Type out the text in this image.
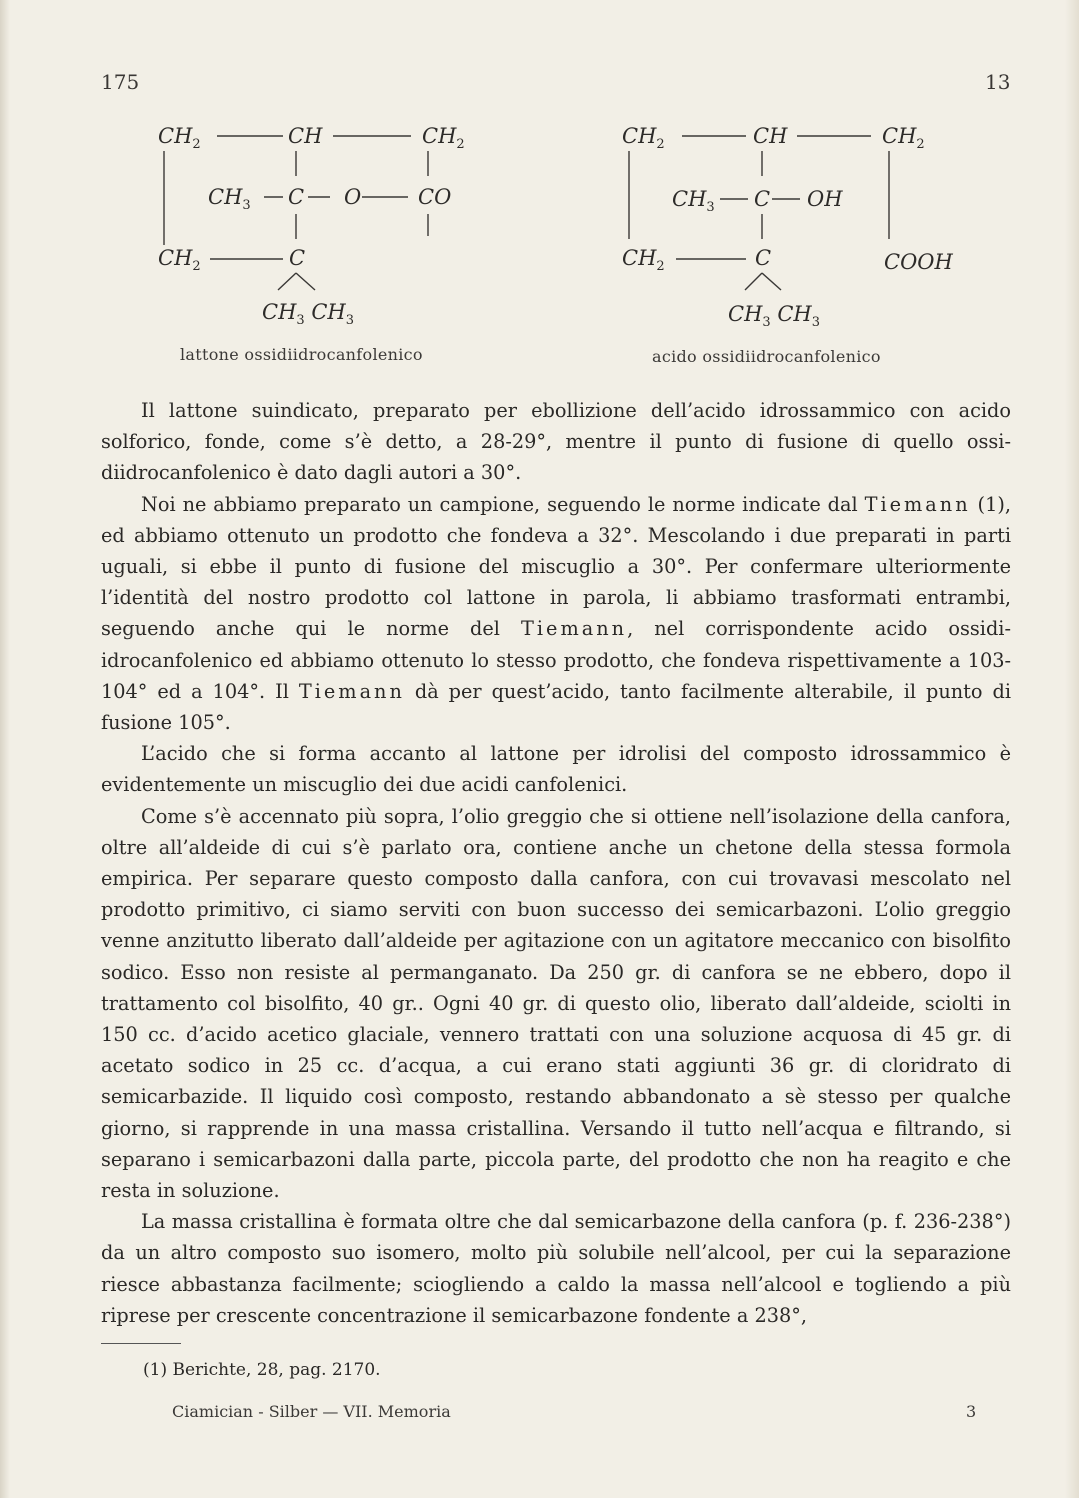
175	13
$CH_2$	CH	$CH_2$
$CH_3$ C O	CO
$CH_2$	C
$CH_3$ $CH_3$
lattone ossidiidrocanfolenico
$CH_2$	CH	$CH_2$
$CH_3$ C OH
$CH_2$	C	COOH
$CH_3$ $CH_3$
acido ossidiidrocanfolenico

Il lattone suindicato, preparato per ebollizione dell’acido idrossammico con acido solforico, fonde, come s’è detto, a 28-29°, mentre il punto di fusione di quello ossi-diidrocanfolenico è dato dagli autori a 30°.

Noi ne abbiamo preparato un campione, seguendo le norme indicate dal Tiemann (1), ed abbiamo ottenuto un prodotto che fondeva a 32°. Mescolando i due preparati in parti uguali, si ebbe il punto di fusione del miscuglio a 30°. Per confermare ulteriormente l’identità del nostro prodotto col lattone in parola, li abbiamo trasformati entrambi, seguendo anche qui le norme del Tiemann, nel corrispondente acido ossidi-idrocanfolenico ed abbiamo ottenuto lo stesso prodotto, che fondeva rispettivamente a 103-104° ed a 104°. Il Tiemann dà per quest’acido, tanto facilmente alterabile, il punto di fusione 105°.

L’acido che si forma accanto al lattone per idrolisi del composto idrossammico è evidentemente un miscuglio dei due acidi canfolenici.

Come s’è accennato più sopra, l’olio greggio che si ottiene nell’isolazione della canfora, oltre all’aldeide di cui s’è parlato ora, contiene anche un chetone della stessa formola empirica. Per separare questo composto dalla canfora, con cui trovavasi mescolato nel prodotto primitivo, ci siamo serviti con buon successo dei semicarbazoni. L’olio greggio venne anzitutto liberato dall’aldeide per agitazione con un agitatore meccanico con bisolfito sodico. Esso non resiste al permanganato. Da 250 gr. di canfora se ne ebbero, dopo il trattamento col bisolfito, 40 gr.. Ogni 40 gr. di questo olio, liberato dall’aldeide, sciolti in 150 cc. d’acido acetico glaciale, vennero trattati con una soluzione acquosa di 45 gr. di acetato sodico in 25 cc. d’acqua, a cui erano stati aggiunti 36 gr. di cloridrato di semicarbazide. Il liquido così composto, restando abbandonato a sè stesso per qualche giorno, si rapprende in una massa cristallina. Versando il tutto nell’acqua e filtrando, si separano i semicarbazoni dalla parte, piccola parte, del prodotto che non ha reagito e che resta in soluzione.

La massa cristallina è formata oltre che dal semicarbazone della canfora (p. f. 236-238°) da un altro composto suo isomero, molto più solubile nell’alcool, per cui la separazione riesce abbastanza facilmente; sciogliendo a caldo la massa nell’alcool e togliendo a più riprese per crescente concentrazione il semicarbazone fondente a 238°,

(1) Berichte, 28, pag. 2170.
Ciamician - Silber — VII. Memoria	3
